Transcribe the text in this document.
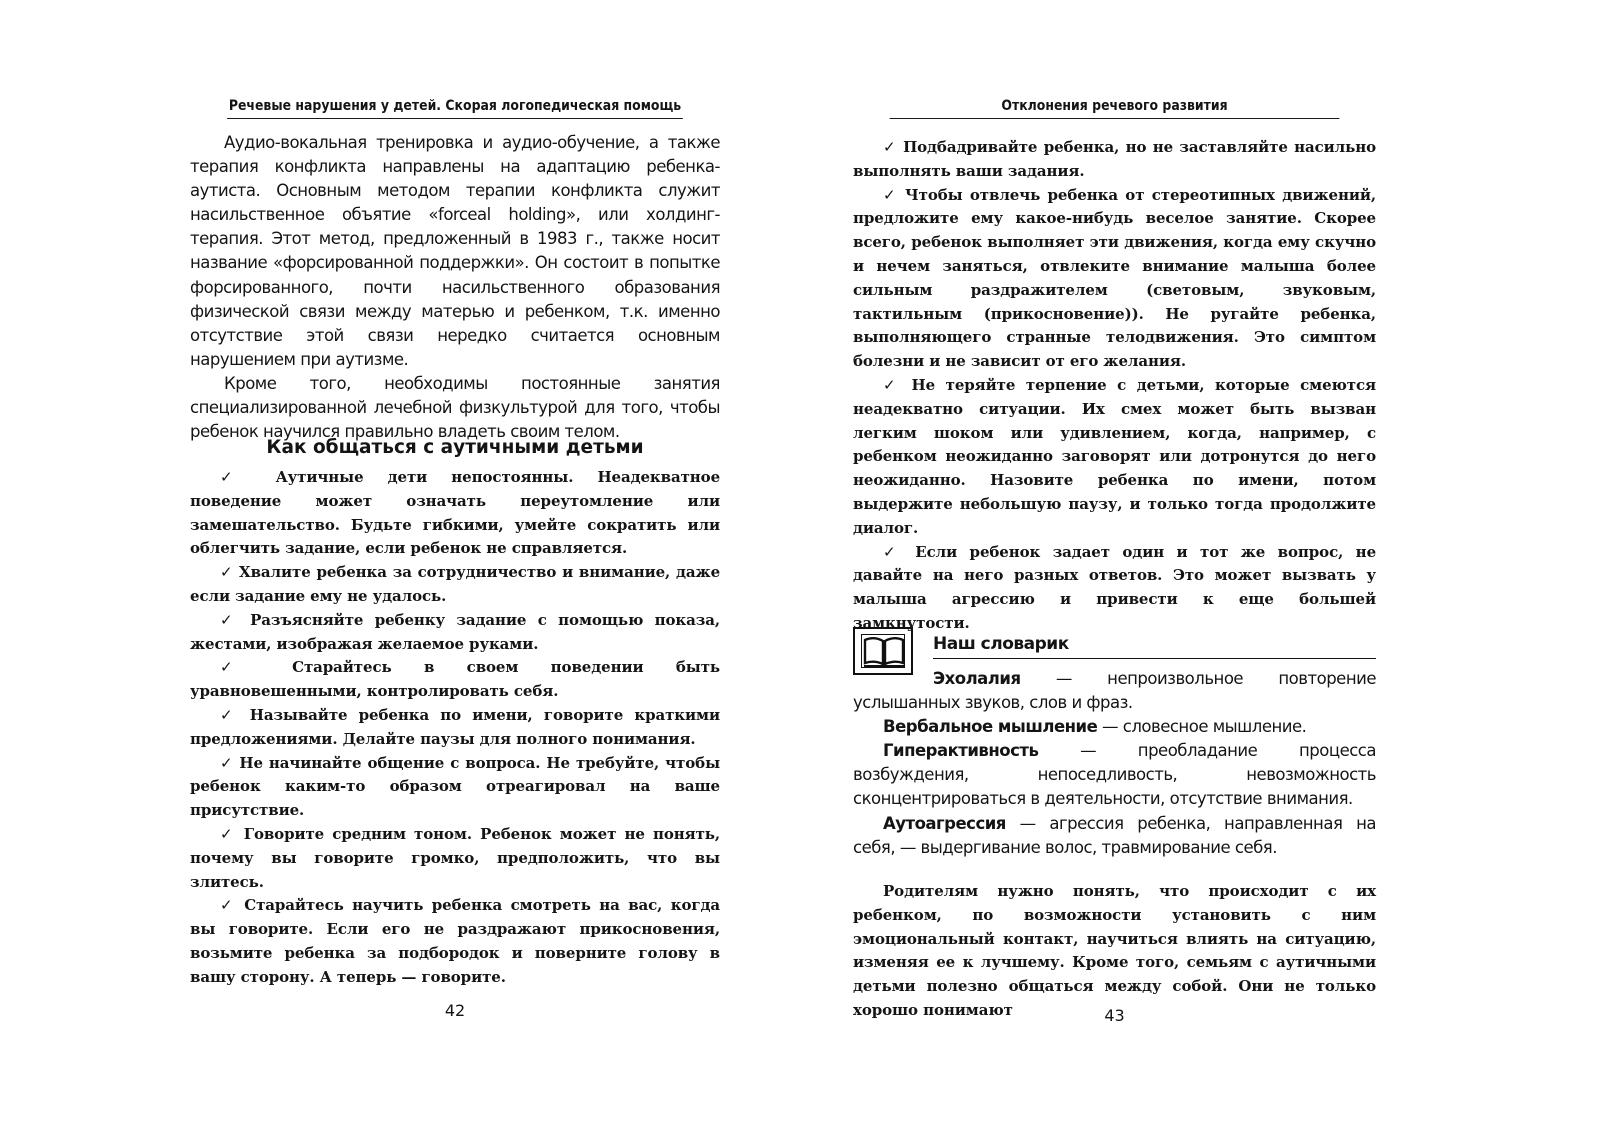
Речевые нарушения у детей. Скорая логопедическая помощь

Аудио-вокальная тренировка и аудио-обучение, а также терапия конфликта направлены на адаптацию ребенка-аутиста. Основным методом терапии конфликта служит насильственное объятие «forceal holding», или холдинг-терапия. Этот метод, предложенный в 1983 г., также носит название «форсированной поддержки». Он состоит в попытке форсированного, почти насильственного образования физической связи между матерью и ребенком, т.к. именно отсутствие этой связи нередко считается основным нарушением при аутизме.

Кроме того, необходимы постоянные занятия специализированной лечебной физкультурой для того, чтобы ребенок научился правильно владеть своим телом.

Как общаться с аутичными детьми

✓ Аутичные дети непостоянны. Неадекватное поведение может означать переутомление или замешательство. Будьте гибкими, умейте сократить или облегчить задание, если ребенок не справляется.

✓ Хвалите ребенка за сотрудничество и внимание, даже если задание ему не удалось.

✓ Разъясняйте ребенку задание с помощью показа, жестами, изображая желаемое руками.

✓ Старайтесь в своем поведении быть уравновешенными, контролировать себя.

✓ Называйте ребенка по имени, говорите краткими предложениями. Делайте паузы для полного понимания.

✓ Не начинайте общение с вопроса. Не требуйте, чтобы ребенок каким-то образом отреагировал на ваше присутствие.

✓ Говорите средним тоном. Ребенок может не понять, почему вы говорите громко, предположить, что вы злитесь.

✓ Старайтесь научить ребенка смотреть на вас, когда вы говорите. Если его не раздражают прикосновения, возьмите ребенка за подбородок и поверните голову в вашу сторону. А теперь — говорите.

42
Отклонения речевого развития

✓ Подбадривайте ребенка, но не заставляйте насильно выполнять ваши задания.

✓ Чтобы отвлечь ребенка от стереотипных движений, предложите ему какое-нибудь веселое занятие. Скорее всего, ребенок выполняет эти движения, когда ему скучно и нечем заняться, отвлеките внимание малыша более сильным раздражителем (световым, звуковым, тактильным (прикосновение)). Не ругайте ребенка, выполняющего странные телодвижения. Это симптом болезни и не зависит от его желания.

✓ Не теряйте терпение с детьми, которые смеются неадекватно ситуации. Их смех может быть вызван легким шоком или удивлением, когда, например, с ребенком неожиданно заговорят или дотронутся до него неожиданно. Назовите ребенка по имени, потом выдержите небольшую паузу, и только тогда продолжите диалог.

✓ Если ребенок задает один и тот же вопрос, не давайте на него разных ответов. Это может вызвать у малыша агрессию и привести к еще большей замкнутости.

Наш словарик

Эхолалия — непроизвольное повторение услышанных звуков, слов и фраз.

Вербальное мышление — словесное мышление.

Гиперактивность — преобладание процесса возбуждения, непоседливость, невозможность сконцентрироваться в деятельности, отсутствие внимания.

Аутоагрессия — агрессия ребенка, направленная на себя, — выдергивание волос, травмирование себя.

Родителям нужно понять, что происходит с их ребенком, по возможности установить с ним эмоциональный контакт, научиться влиять на ситуацию, изменяя ее к лучшему. Кроме того, семьям с аутичными детьми полезно общаться между собой. Они не только хорошо понимают	43
